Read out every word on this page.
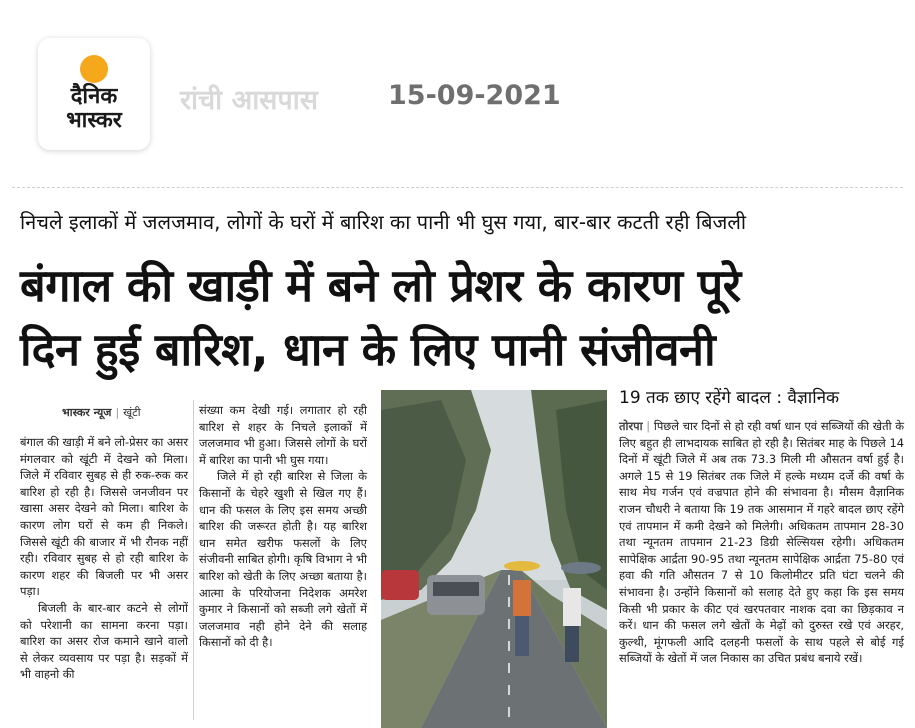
दैनिक
भास्कर
रांची आसपास	15-09-2021
निचले इलाकों में जलजमाव, लोगों के घरों में बारिश का पानी भी घुस गया, बार-बार कटती रही बिजली
बंगाल की खाड़ी में बने लो प्रेशर के कारण पूरे
दिन हुई बारिश, धान के लिए पानी संजीवनी
भास्कर न्यूज | खूंटी

बंगाल की खाड़ी में बने लो-प्रेसर का असर मंगलवार को खूंटी में देखने को मिला। जिले में रविवार सुबह से ही रुक-रुक कर बारिश हो रही है। जिससे जनजीवन पर खासा असर देखने को मिला। बारिश के कारण लोग घरों से कम ही निकले। जिससे खूंटी की बाजार में भी रौनक नहीं रही। रविवार सुबह से हो रही बारिश के कारण शहर की बिजली पर भी असर पड़ा।

बिजली के बार-बार कटने से लोगों को परेशानी का सामना करना पड़ा। बारिश का असर रोज कमाने खाने वालो से लेकर व्यवसाय पर पड़ा है। सड़कों में भी वाहनो की

संख्या कम देखी गई। लगातार हो रही बारिश से शहर के निचले इलाकों में जलजमाव भी हुआ। जिससे लोगों के घरों में बारिश का पानी भी घुस गया।

जिले में हो रही बारिश से जिला के किसानों के चेहरे खुशी से खिल गए हैं। धान की फसल के लिए इस समय अच्छी बारिश की जरूरत होती है। यह बारिश धान समेत खरीफ फसलों के लिए संजीवनी साबित होगी। कृषि विभाग ने भी बारिश को खेती के लिए अच्छा बताया है। आत्मा के परियोजना निदेशक अमरेश कुमार ने किसानों को सब्जी लगे खेतों में जलजमाव नही होने देने की सलाह किसानों को दी है।

19 तक छाए रहेंगे बादल : वैज्ञानिक

तोरपा | पिछले चार दिनों से हो रही वर्षा धान एवं सब्जियों की खेती के लिए बहुत ही लाभदायक साबित हो रही है। सितंबर माह के पिछले 14 दिनों में खूंटी जिले में अब तक 73.3 मिली मी औसतन वर्षा हुई है। अगले 15 से 19 सितंबर तक जिले में हल्के मध्यम दर्जे की वर्षा के साथ मेघ गर्जन एवं वज्रपात होने की संभावना है। मौसम वैज्ञानिक राजन चौधरी ने बताया कि 19 तक आसमान में गहरे बादल छाए रहेंगे एवं तापमान में कमी देखने को मिलेगी। अधिकतम तापमान 28-30 तथा न्यूनतम तापमान 21-23 डिग्री सेल्सियस रहेगी। अधिकतम सापेक्षिक आर्द्रता 90-95 तथा न्यूनतम सापेक्षिक आर्द्रता 75-80 एवं हवा की गति औसतन 7 से 10 किलोमीटर प्रति घंटा चलने की संभावना है। उन्होंने किसानों को सलाह देते हुए कहा कि इस समय किसी भी प्रकार के कीट एवं खरपतवार नाशक दवा का छिड़काव न करें। धान की फसल लगे खेतों के मेढ़ों को दुरुस्त रखे एवं अरहर, कुल्थी, मूंगफली आदि दलहनी फसलों के साथ पहले से बोई गई सब्जियों के खेतों में जल निकास का उचित प्रबंध बनाये रखें।
